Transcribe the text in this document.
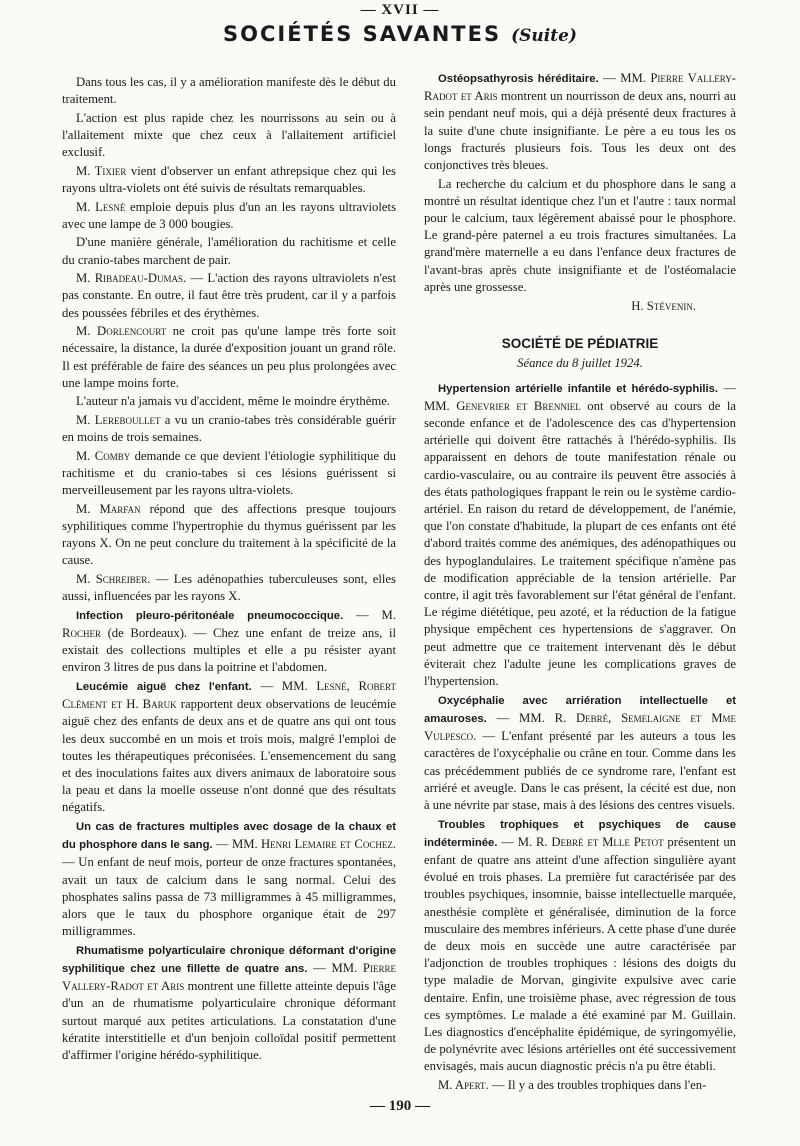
— XVII —
SOCIÉTÉS SAVANTES (Suite)

Dans tous les cas, il y a amélioration manifeste dès le début du traitement.

L'action est plus rapide chez les nourrissons au sein ou à l'allaitement mixte que chez ceux à l'allaitement artificiel exclusif.

M. Tixier vient d'observer un enfant athrepsique chez qui les rayons ultra-violets ont été suivis de résultats remarquables.

M. Lesné emploie depuis plus d'un an les rayons ultraviolets avec une lampe de 3 000 bougies.

D'une manière générale, l'amélioration du rachitisme et celle du cranio-tabes marchent de pair.

M. Ribadeau-Dumas. — L'action des rayons ultraviolets n'est pas constante. En outre, il faut être très prudent, car il y a parfois des poussées fébriles et des érythèmes.

M. Dorlencourt ne croit pas qu'une lampe très forte soit nécessaire, la distance, la durée d'exposition jouant un grand rôle. Il est préférable de faire des séances un peu plus prolongées avec une lampe moins forte.

L'auteur n'a jamais vu d'accident, même le moindre érythème.

M. Lereboullet a vu un cranio-tabes très considérable guérir en moins de trois semaines.

M. Comby demande ce que devient l'étiologie syphilitique du rachitisme et du cranio-tabes si ces lésions guérissent si merveilleusement par les rayons ultra-violets.

M. Marfan répond que des affections presque toujours syphilitiques comme l'hypertrophie du thymus guérissent par les rayons X. On ne peut conclure du traitement à la spécificité de la cause.

M. Schreiber. — Les adénopathies tuberculeuses sont, elles aussi, influencées par les rayons X.

Infection pleuro-péritonéale pneumococcique. — M. Rocher (de Bordeaux). — Chez une enfant de treize ans, il existait des collections multiples et elle a pu résister ayant environ 3 litres de pus dans la poitrine et l'abdomen.

Leucémie aiguë chez l'enfant. — MM. Lesné, Robert Clément et H. Baruk rapportent deux observations de leucémie aiguë chez des enfants de deux ans et de quatre ans qui ont tous les deux succombé en un mois et trois mois, malgré l'emploi de toutes les thérapeutiques préconisées. L'ensemencement du sang et des inoculations faites aux divers animaux de laboratoire sous la peau et dans la moelle osseuse n'ont donné que des résultats négatifs.

Un cas de fractures multiples avec dosage de la chaux et du phosphore dans le sang. — MM. Henri Lemaire et Cochez. — Un enfant de neuf mois, porteur de onze fractures spontanées, avait un taux de calcium dans le sang normal. Celui des phosphates salins passa de 73 milligrammes à 45 milligrammes, alors que le taux du phosphore organique était de 297 milligrammes.

Rhumatisme polyarticulaire chronique déformant d'origine syphilitique chez une fillette de quatre ans. — MM. Pierre Vallery-Radot et Aris montrent une fillette atteinte depuis l'âge d'un an de rhumatisme polyarticulaire chronique déformant surtout marqué aux petites articulations. La constatation d'une kératite interstitielle et d'un benjoin colloïdal positif permettent d'affirmer l'origine hérédo-syphilitique.

Ostéopsathyrosis héréditaire. — MM. Pierre Vallery-Radot et Aris montrent un nourrisson de deux ans, nourri au sein pendant neuf mois, qui a déjà présenté deux fractures à la suite d'une chute insignifiante. Le père a eu tous les os longs fracturés plusieurs fois. Tous les deux ont des conjonctives très bleues.

La recherche du calcium et du phosphore dans le sang a montré un résultat identique chez l'un et l'autre : taux normal pour le calcium, taux légèrement abaissé pour le phosphore. Le grand-père paternel a eu trois fractures simultanées. La grand'mère maternelle a eu dans l'enfance deux fractures de l'avant-bras après chute insignifiante et de l'ostéomalacie après une grossesse.

H. Stévenin.
SOCIÉTÉ DE PÉDIATRIE
Séance du 8 juillet 1924.

Hypertension artérielle infantile et hérédo-syphilis. — MM. Genevrier et Brenniel ont observé au cours de la seconde enfance et de l'adolescence des cas d'hypertension artérielle qui doivent être rattachés à l'hérédo-syphilis. Ils apparaissent en dehors de toute manifestation rénale ou cardio-vasculaire, ou au contraire ils peuvent être associés à des états pathologiques frappant le rein ou le système cardio-artériel. En raison du retard de développement, de l'anémie, que l'on constate d'habitude, la plupart de ces enfants ont été d'abord traités comme des anémiques, des adénopathiques ou des hypoglandulaires. Le traitement spécifique n'amène pas de modification appréciable de la tension artérielle. Par contre, il agit très favorablement sur l'état général de l'enfant. Le régime diététique, peu azoté, et la réduction de la fatigue physique empêchent ces hypertensions de s'aggraver. On peut admettre que ce traitement intervenant dès le début éviterait chez l'adulte jeune les complications graves de l'hypertension.

Oxycéphalie avec arriération intellectuelle et amauroses. — MM. R. Debré, Semelaigne et Mme Vulpesco. — L'enfant présenté par les auteurs a tous les caractères de l'oxycéphalie ou crâne en tour. Comme dans les cas précédemment publiés de ce syndrome rare, l'enfant est arriéré et aveugle. Dans le cas présent, la cécité est due, non à une névrite par stase, mais à des lésions des centres visuels.

Troubles trophiques et psychiques de cause indéterminée. — M. R. Debré et Mlle Petot présentent un enfant de quatre ans atteint d'une affection singulière ayant évolué en trois phases. La première fut caractérisée par des troubles psychiques, insomnie, baisse intellectuelle marquée, anesthésie complète et généralisée, diminution de la force musculaire des membres inférieurs. A cette phase d'une durée de deux mois en succède une autre caractérisée par l'adjonction de troubles trophiques : lésions des doigts du type maladie de Morvan, gingivite expulsive avec carie dentaire. Enfin, une troisième phase, avec régression de tous ces symptômes. Le malade a été examiné par M. Guillain. Les diagnostics d'encéphalite épidémique, de syringomyélie, de polynévrite avec lésions artérielles ont été successivement envisagés, mais aucun diagnostic précis n'a pu être établi.

M. Apert. — Il y a des troubles trophiques dans l'en-

— 190 —
